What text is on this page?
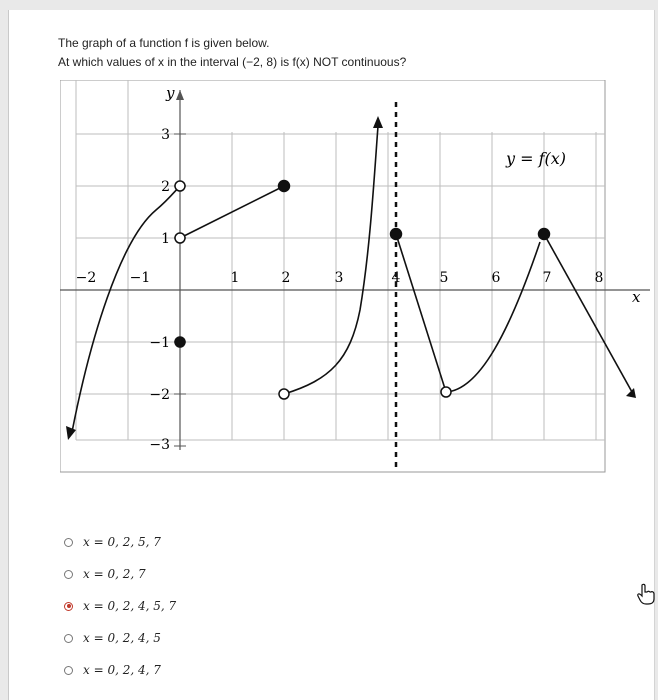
The graph of a function f is given below.
At which values of x in the interval (−2, 8) is f(x) NOT continuous?
y
x
y = f(x)
−2 −1	1	2	3	4	5	6	7	8
3
2
1
−1
−2
−3
x = 0, 2, 5, 7
x = 0, 2, 7
x = 0, 2, 4, 5, 7
x = 0, 2, 4, 5
x = 0, 2, 4, 7
